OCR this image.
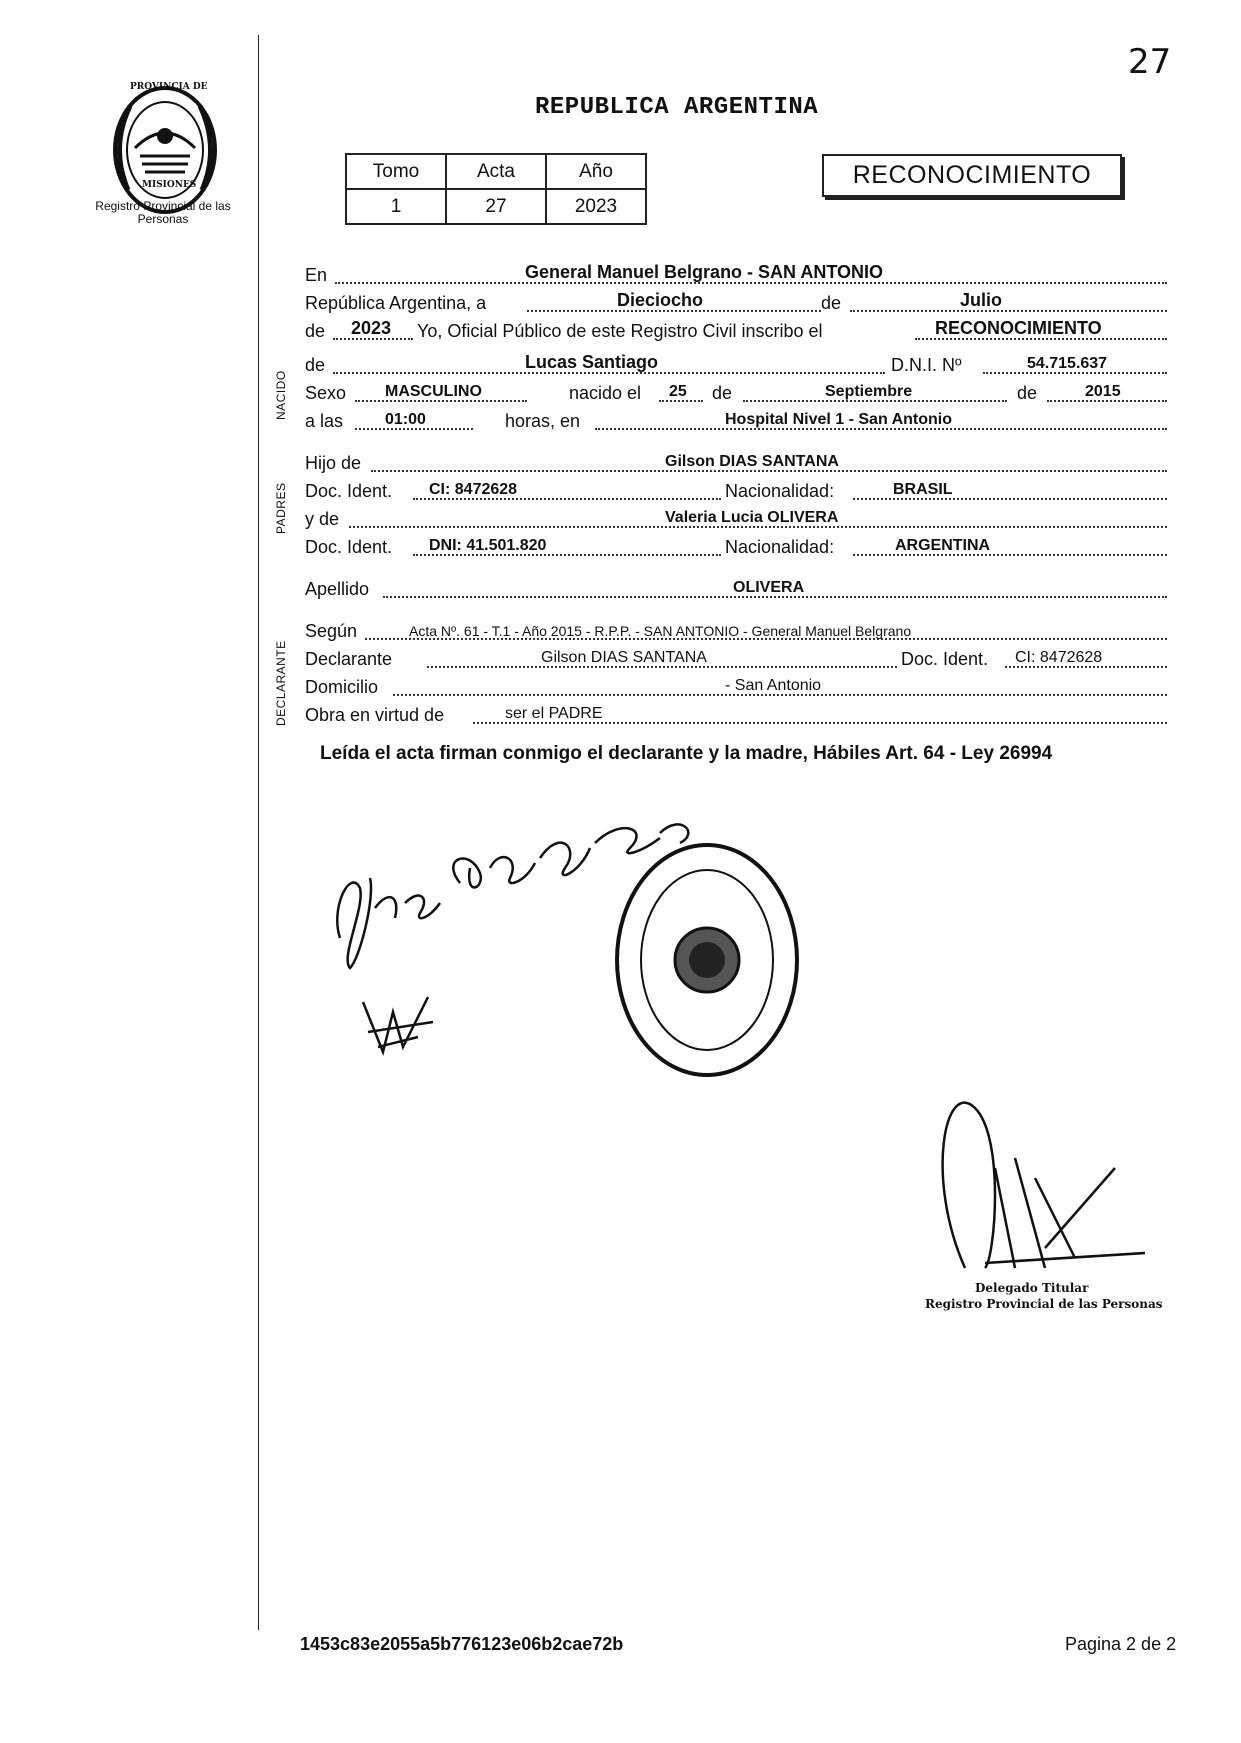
27
PROVINCIA DE
MISIONES
Registro Provincial de las Personas
REPUBLICA ARGENTINA
Tomo	Acta	Año
1	27	2023
RECONOCIMIENTO
NACIDO
PADRES
DECLARANTE
En	General Manuel Belgrano - SAN ANTONIO
República Argentina, a	Dieciocho	de	Julio
de 2023 Yo, Oficial Público de este Registro Civil inscribo el	RECONOCIMIENTO
de	Lucas Santiago	D.N.I. Nº	54.715.637
Sexo MASCULINO	nacido el 25 de	Septiembre	de	2015
a las	01:00	horas, en	Hospital Nivel 1 - San Antonio
Hijo de	Gilson DIAS SANTANA
Doc. Ident. CI: 8472628	Nacionalidad:	BRASIL
y de	Valeria Lucia OLIVERA
Doc. Ident. DNI: 41.501.820	Nacionalidad:	ARGENTINA
Apellido	OLIVERA
Según	Acta Nº. 61 - T.1 - Año 2015 - R.P.P. - SAN ANTONIO - General Manuel Belgrano
Declarante	Gilson DIAS SANTANA	Doc. Ident. CI: 8472628
Domicilio	- San Antonio
Obra en virtud de	ser el PADRE
Leída el acta firman conmigo el declarante y la madre, Hábiles Art. 64 - Ley 26994
Delegado Titular
Registro Provincial de las Personas
1453c83e2055a5b776123e06b2cae72b	Pagina 2 de 2
